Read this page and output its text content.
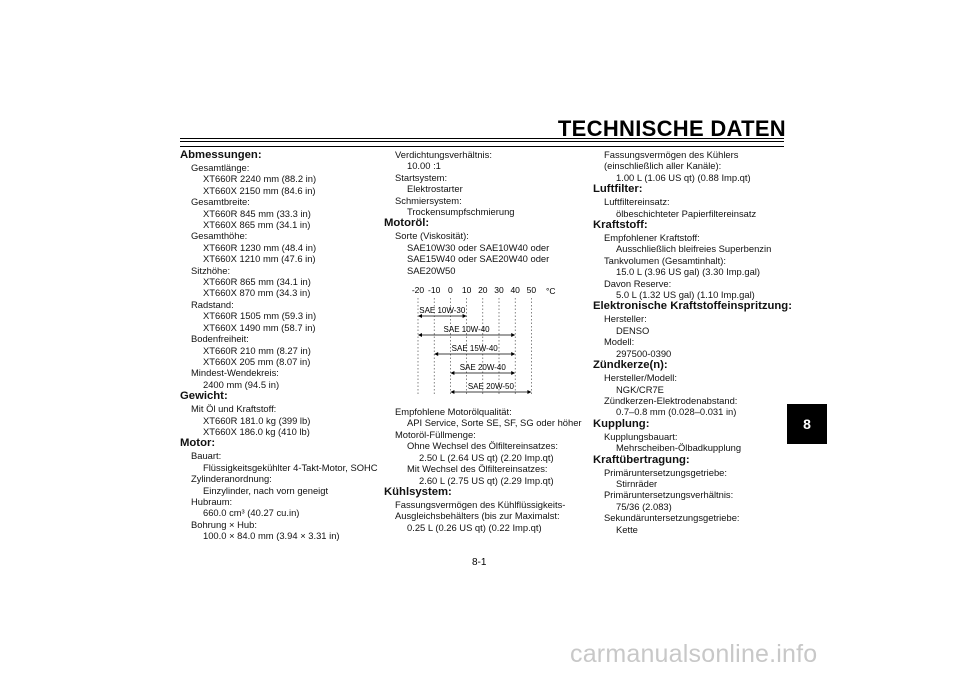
TECHNISCHE DATEN
Abmessungen:
Gesamtlänge:
XT660R 2240 mm (88.2 in)
XT660X 2150 mm (84.6 in)
Gesamtbreite:
XT660R 845 mm (33.3 in)
XT660X 865 mm (34.1 in)
Gesamthöhe:
XT660R 1230 mm (48.4 in)
XT660X 1210 mm (47.6 in)
Sitzhöhe:
XT660R 865 mm (34.1 in)
XT660X 870 mm (34.3 in)
Radstand:
XT660R 1505 mm (59.3 in)
XT660X 1490 mm (58.7 in)
Bodenfreiheit:
XT660R 210 mm (8.27 in)
XT660X 205 mm (8.07 in)
Mindest-Wendekreis:
2400 mm (94.5 in)
Gewicht:
Mit Öl und Kraftstoff:
XT660R 181.0 kg (399 lb)
XT660X 186.0 kg (410 lb)
Motor:
Bauart:
Flüssigkeitsgekühlter 4-Takt-Motor, SOHC
Zylinderanordnung:
Einzylinder, nach vorn geneigt
Hubraum:
660.0 cm³ (40.27 cu.in)
Bohrung × Hub:
100.0 × 84.0 mm (3.94 × 3.31 in)
Verdichtungsverhältnis:
10.00 :1
Startsystem:
Elektrostarter
Schmiersystem:
Trockensumpfschmierung
Motoröl:
Sorte (Viskosität):
SAE10W30 oder SAE10W40 oder
SAE15W40 oder SAE20W40 oder
SAE20W50
-20 -10 0 10 20 30 40 50
SAE 10W-30
SAE 10W-40
SAE 15W-40
SAE 20W-40
SAE 20W-50
°C
Empfohlene Motorölqualität:
API Service, Sorte SE, SF, SG oder höher
Motoröl-Füllmenge:
Ohne Wechsel des Ölfiltereinsatzes:
2.50 L (2.64 US qt) (2.20 Imp.qt)
Mit Wechsel des Ölfiltereinsatzes:
2.60 L (2.75 US qt) (2.29 Imp.qt)
Kühlsystem:
Fassungsvermögen des Kühlflüssigkeits-
Ausgleichsbehälters (bis zur Maximalst:
0.25 L (0.26 US qt) (0.22 Imp.qt)
Fassungsvermögen des Kühlers
(einschließlich aller Kanäle):
1.00 L (1.06 US qt) (0.88 Imp.qt)
Luftfilter:
Luftfiltereinsatz:
ölbeschichteter Papierfiltereinsatz
Kraftstoff:
Empfohlener Kraftstoff:
Ausschließlich bleifreies Superbenzin
Tankvolumen (Gesamtinhalt):
15.0 L (3.96 US gal) (3.30 Imp.gal)
Davon Reserve:
5.0 L (1.32 US gal) (1.10 Imp.gal)
Elektronische Kraftstoffeinspritzung:
Hersteller:
DENSO
Modell:
297500-0390
Zündkerze(n):
Hersteller/Modell:
NGK/CR7E
Zündkerzen-Elektrodenabstand:
0.7–0.8 mm (0.028–0.031 in)
Kupplung:
Kupplungsbauart:
Mehrscheiben-Ölbadkupplung
Kraftübertragung:
Primäruntersetzungsgetriebe:
Stirnräder
Primäruntersetzungsverhältnis:
75/36 (2.083)
Sekundäruntersetzungsgetriebe:
Kette
8-1
8
carmanualsonline.info
